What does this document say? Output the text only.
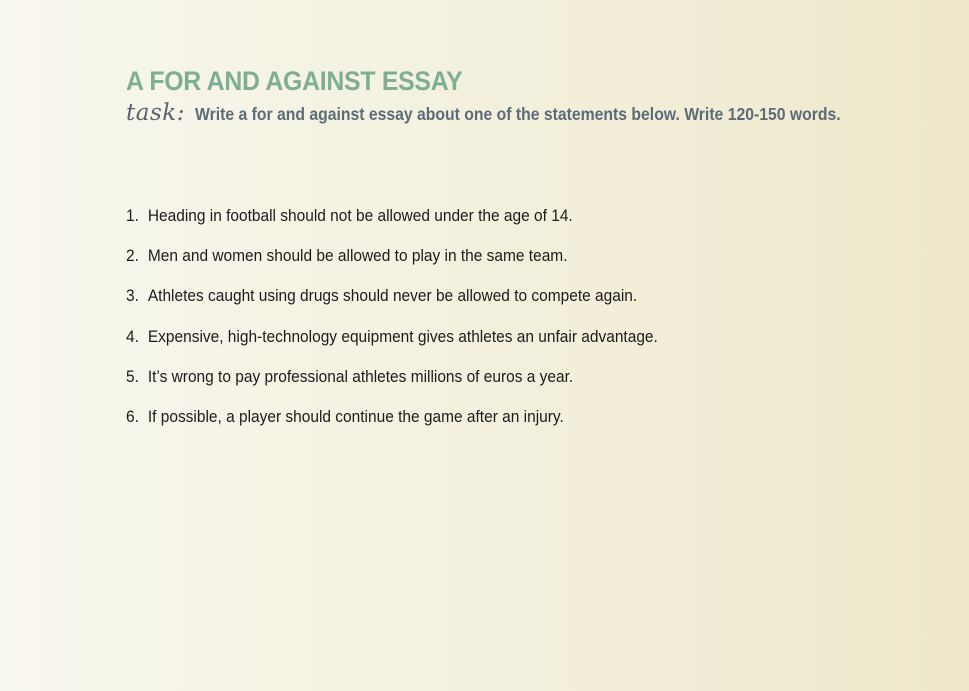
A FOR AND AGAINST ESSAY
task: Write a for and against essay about one of the statements below. Write 120-150 words.
1. Heading in football should not be allowed under the age of 14.
2. Men and women should be allowed to play in the same team.
3. Athletes caught using drugs should never be allowed to compete again.
4. Expensive, high-technology equipment gives athletes an unfair advantage.
5. It’s wrong to pay professional athletes millions of euros a year.
6. If possible, a player should continue the game after an injury.
